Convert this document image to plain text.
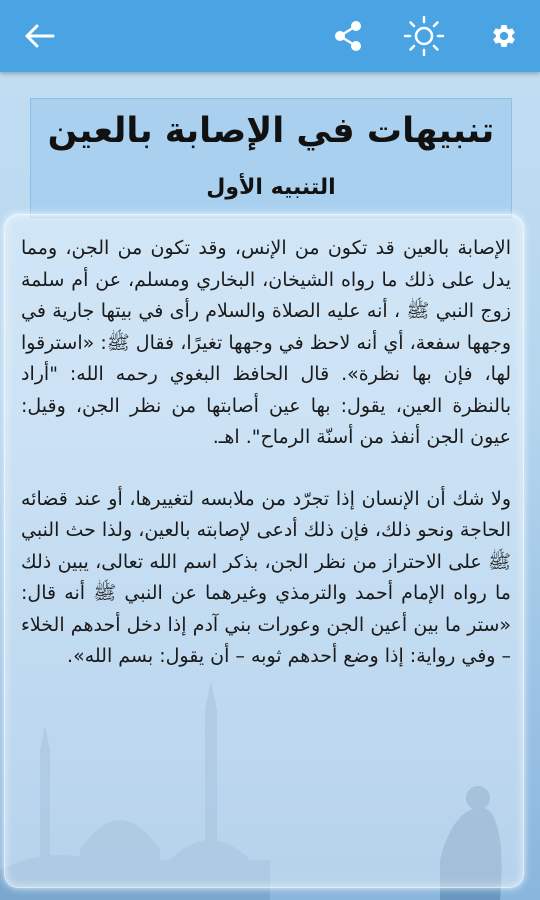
تنبيهات في الإصابة بالعين
التنبيه الأول

الإصابة بالعين قد تكون من الإنس، وقد تكون من الجن، ومما يدل على ذلك ما رواه الشيخان، البخاري ومسلم، عن أم سلمة زوج النبي ﷺ ، أنه عليه الصلاة والسلام رأى في بيتها جارية في وجهها سفعة، أي أنه لاحظ في وجهها تغيرًا، فقال ﷺ: «استرقوا لها، فإن بها نظرة». قال الحافظ البغوي رحمه الله: "أراد بالنظرة العين، يقول: بها عين أصابتها من نظر الجن، وقيل: عيون الجن أنفذ من أسنّة الرماح". اهـ.

ولا شك أن الإنسان إذا تجرّد من ملابسه لتغييرها، أو عند قضائه الحاجة ونحو ذلك، فإن ذلك أدعى لإصابته بالعين، ولذا حث النبي ﷺ على الاحتراز من نظر الجن، بذكر اسم الله تعالى، يبين ذلك ما رواه الإمام أحمد والترمذي وغيرهما عن النبي ﷺ أنه قال: «ستر ما بين أعين الجن وعورات بني آدم إذا دخل أحدهم الخلاء – وفي رواية: إذا وضع أحدهم ثوبه – أن يقول: بسم الله».
